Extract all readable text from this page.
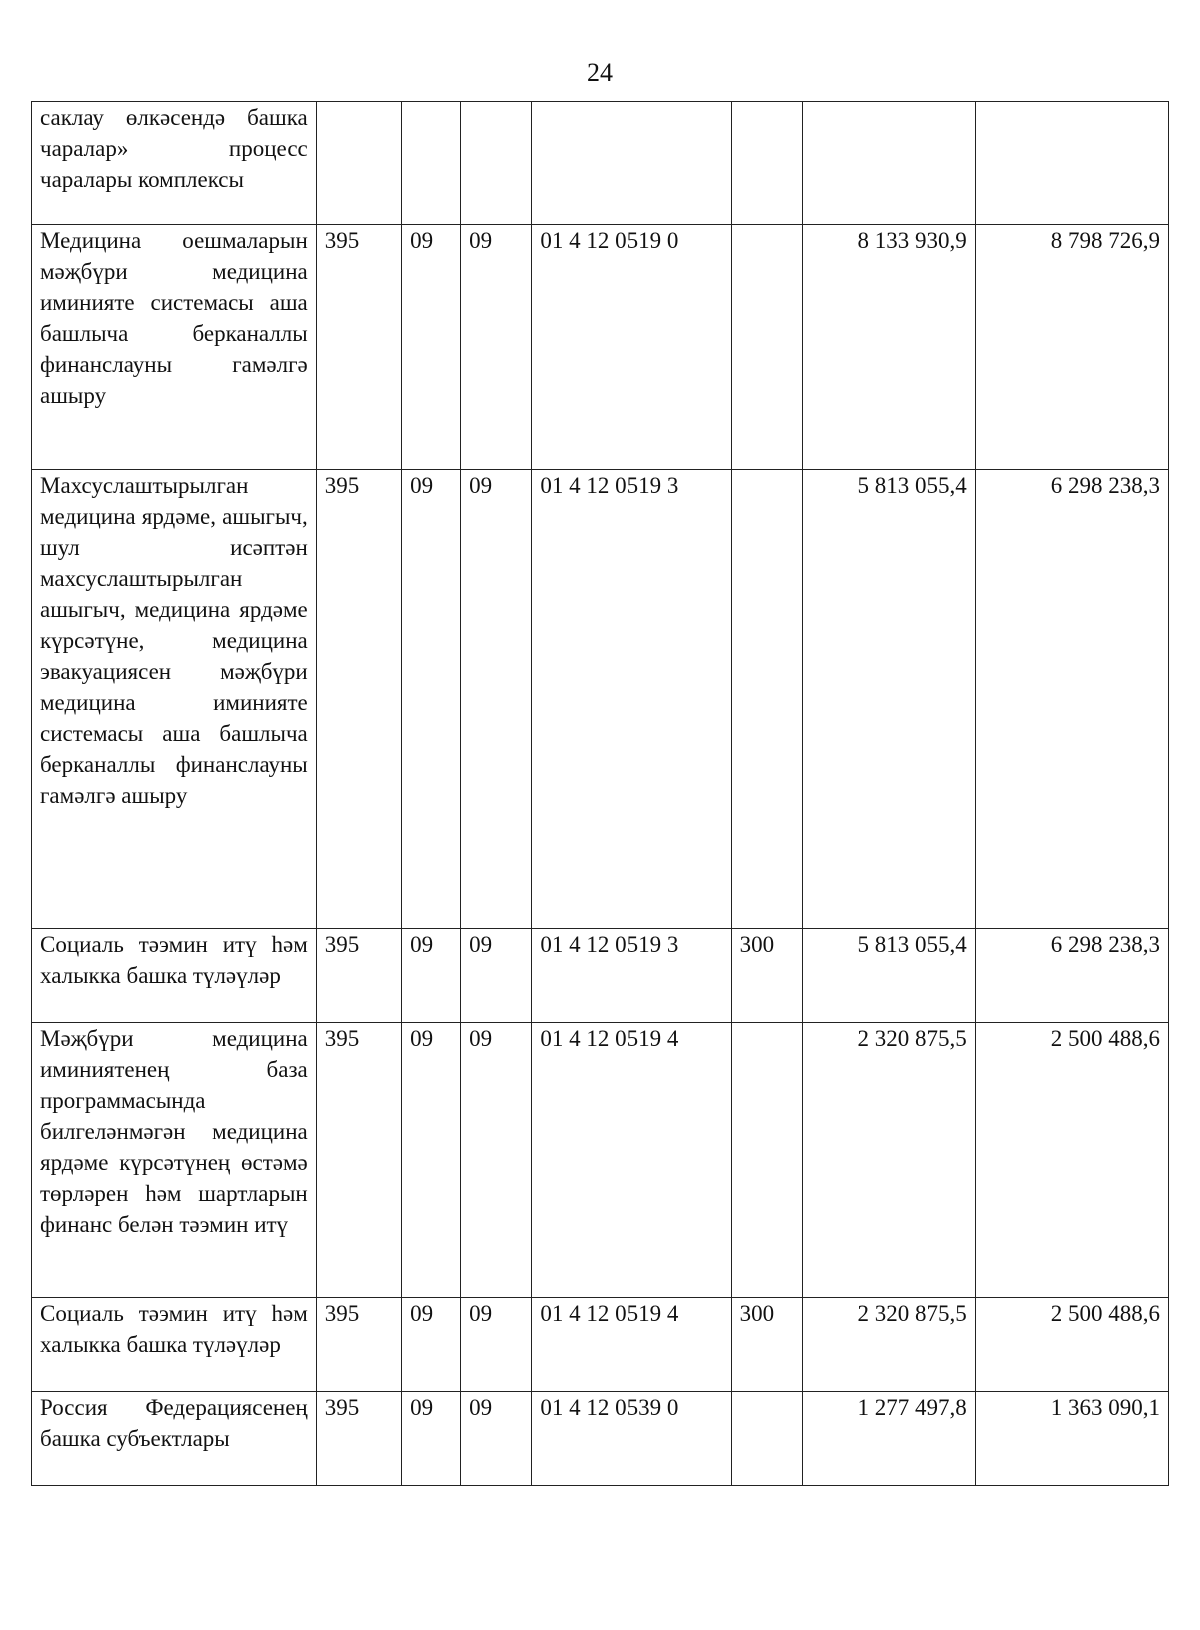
24
саклау өлкәсендә башка чаралар» процесс чаралары комплексы							
Медицина оешмаларын мәҗбүри медицина иминияте системасы аша башлыча берканаллы финанслауны гамәлгә ашыру	395	09	09	01 4 12 0519 0		8 133 930,9	8 798 726,9
Махсуслаштырылган медицина ярдәме, ашыгыч, шул исәптән махсуслаштырылган ашыгыч, медицина ярдәме күрсәтүне, медицина эвакуациясен мәҗбүри медицина иминияте системасы аша башлыча берканаллы финанслауны гамәлгә ашыру	395	09	09	01 4 12 0519 3		5 813 055,4	6 298 238,3
Социаль тәэмин итү һәм халыкка башка түләүләр	395	09	09	01 4 12 0519 3	300	5 813 055,4	6 298 238,3
Мәҗбүри медицина иминиятенең база программасында билгеләнмәгән медицина ярдәме күрсәтүнең өстәмә төрләрен һәм шартларын финанс белән тәэмин итү	395	09	09	01 4 12 0519 4		2 320 875,5	2 500 488,6
Социаль тәэмин итү һәм халыкка башка түләүләр	395	09	09	01 4 12 0519 4	300	2 320 875,5	2 500 488,6
Россия Федерациясенең башка субъектлары	395	09	09	01 4 12 0539 0		1 277 497,8	1 363 090,1
